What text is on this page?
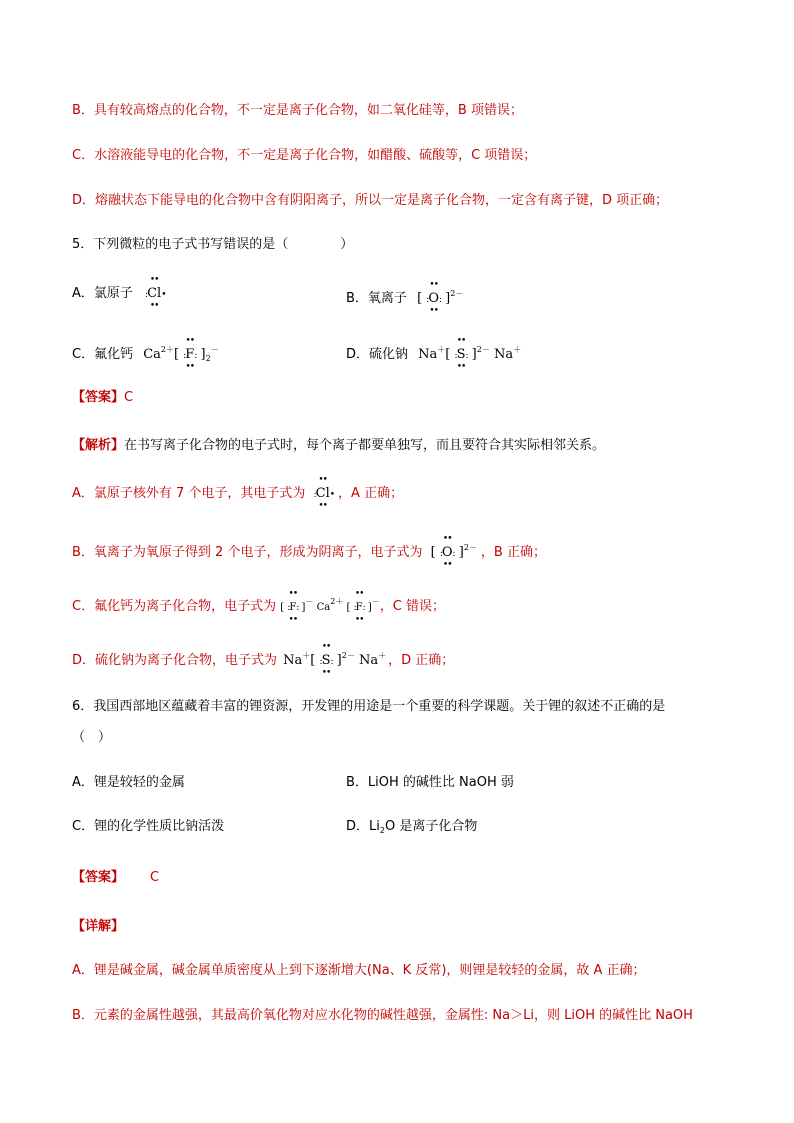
B．具有较高熔点的化合物，不一定是离子化合物，如二氧化硅等，B 项错误；
C．水溶液能导电的化合物，不一定是离子化合物，如醋酸、硫酸等，C 项错误；
D．熔融状态下能导电的化合物中含有阴阳离子，所以一定是离子化合物，一定含有离子键，D 项正确；
5．下列微粒的电子式书写错误的是（　　　　）
A．氯原子 :
••
Cl
••
•	B．氧离子 [ :
••
O
••
: ]$^{2-}$
C．氟化钙 $Ca^{2+}$[ :
••
F
••
: ]$_2^-$	D．硫化钠 Na＋[ :
••
S
••
: ]$^{2-}$ Na＋
【答案】C
【解析】在书写离子化合物的电子式时，每个离子都要单独写，而且要符合其实际相邻关系。
A．氯原子核外有 7 个电子，其电子式为 :
••
Cl
••
• ，A 正确；
B．氧离子为氧原子得到 2 个电子，形成为阴离子，电子式为 [ :
••
O
••
: ]$^{2-}$ ，B 正确；
C．氟化钙为离子化合物，电子式为 [ :
••
F
••
: ]－ $Ca^{2+}$ [ :
••
F
••
: ]－，C 错误；
D．硫化钠为离子化合物，电子式为 Na＋[ :
••
S
••
: ]$^{2-}$ Na＋ ，D 正确；
6．我国西部地区蕴藏着丰富的锂资源，开发锂的用途是一个重要的科学课题。关于锂的叙述不正确的是
（　）
A．锂是较轻的金属	B．LiOH 的碱性比 NaOH 弱
C．锂的化学性质比钠活泼	D．$Li_2O$ 是离子化合物
【答案】 C
【详解】
A．锂是碱金属，碱金属单质密度从上到下逐渐增大(Na、K 反常)，则锂是较轻的金属，故 A 正确；
B．元素的金属性越强，其最高价氧化物对应水化物的碱性越强，金属性: Na＞Li，则 LiOH 的碱性比 NaOH
